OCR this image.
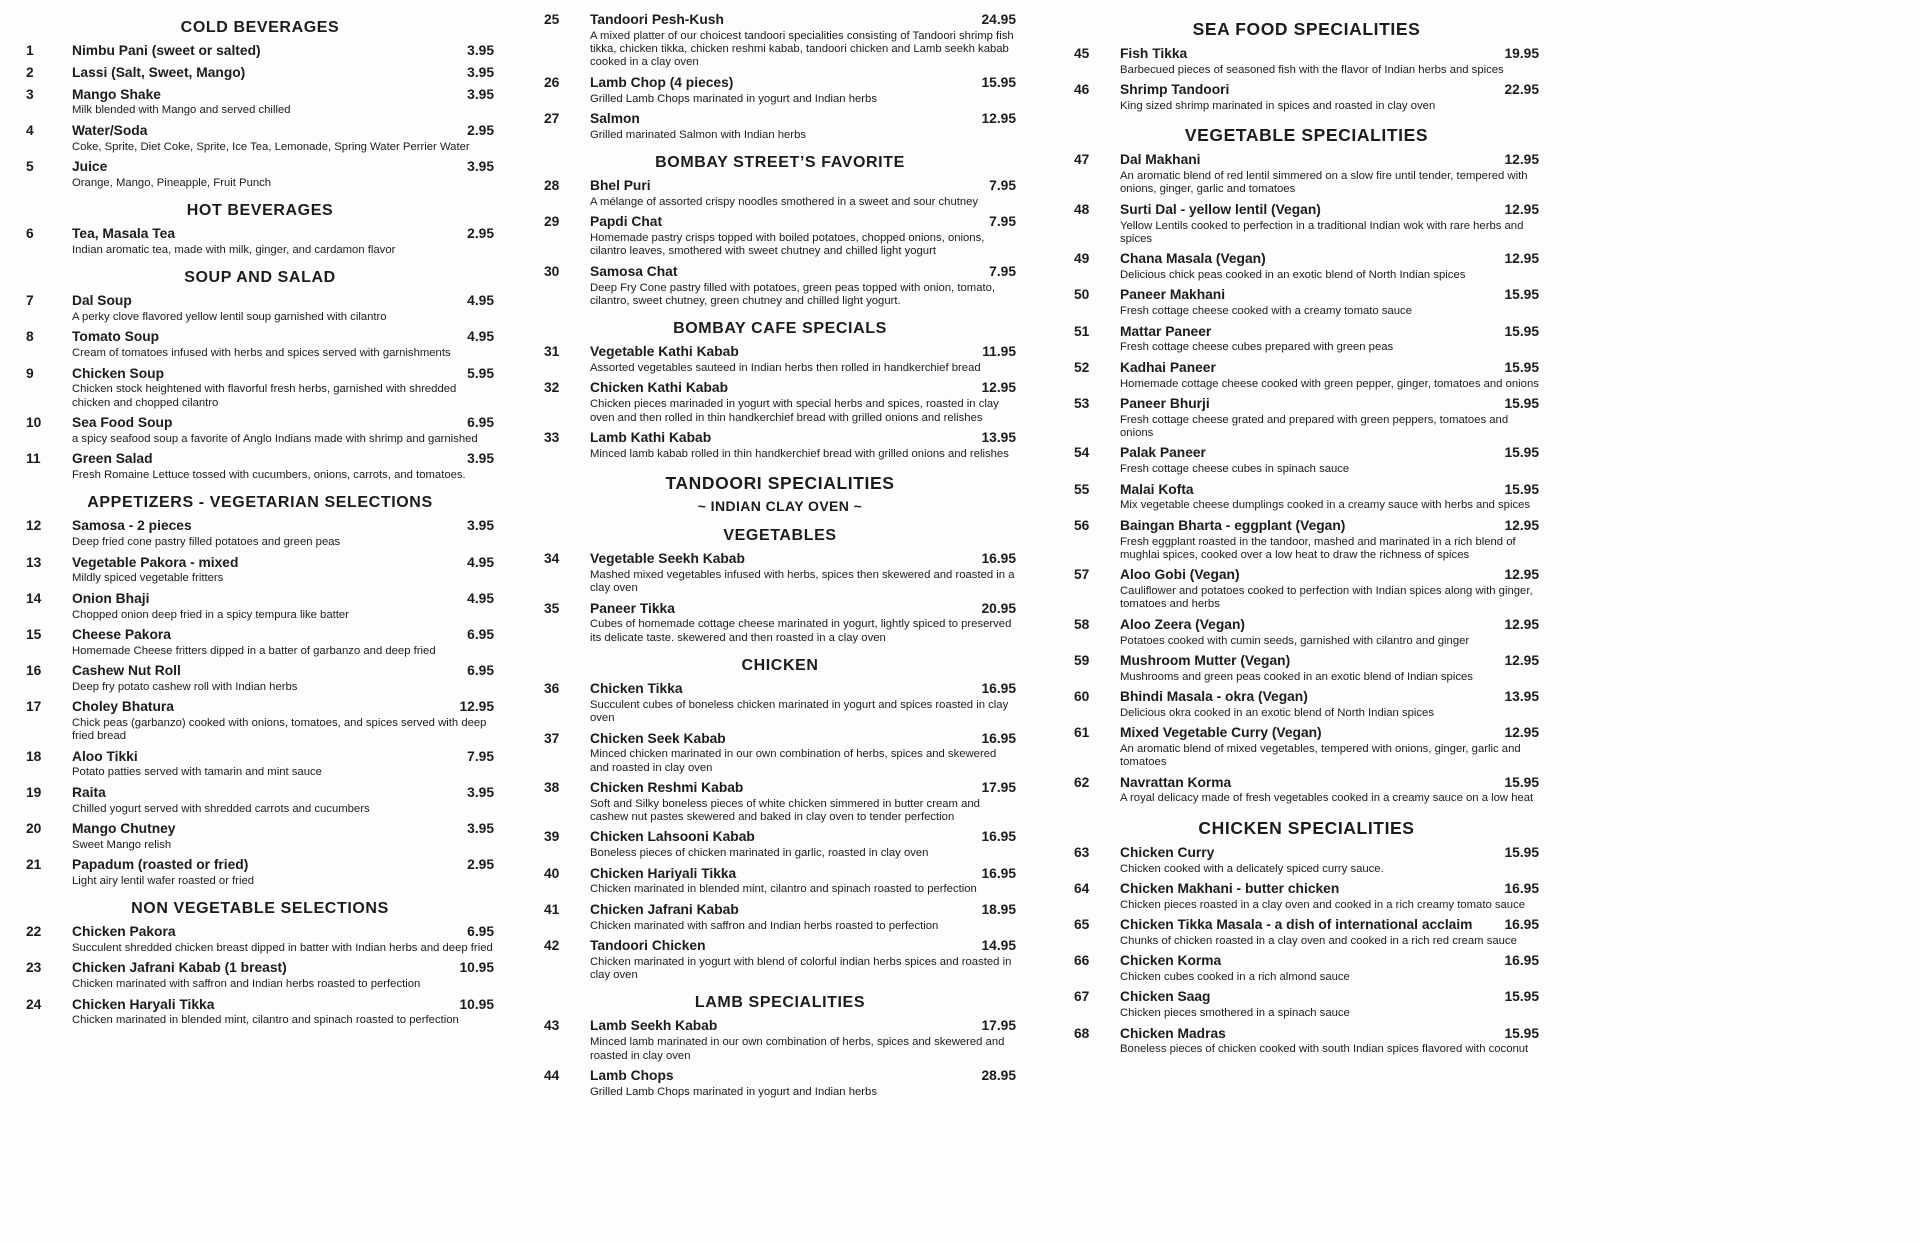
COLD BEVERAGES
1	Nimbu Pani (sweet or salted)	3.95
2	Lassi (Salt, Sweet, Mango)	3.95
3	Mango Shake	3.95
Milk blended with Mango and served chilled
4	Water/Soda	2.95
Coke, Sprite, Diet Coke, Sprite, Ice Tea, Lemonade, Spring Water Perrier Water
5	Juice	3.95
Orange, Mango, Pineapple, Fruit Punch
HOT BEVERAGES
6	Tea, Masala Tea	2.95
Indian aromatic tea, made with milk, ginger, and cardamon flavor
SOUP AND SALAD
7	Dal Soup	4.95
A perky clove flavored yellow lentil soup garnished with cilantro
8	Tomato Soup	4.95
Cream of tomatoes infused with herbs and spices served with garnishments
9	Chicken Soup	5.95
Chicken stock heightened with flavorful fresh herbs, garnished with shredded chicken and chopped cilantro
10	Sea Food Soup	6.95
a spicy seafood soup a favorite of Anglo Indians made with shrimp and garnished
11	Green Salad	3.95
Fresh Romaine Lettuce tossed with cucumbers, onions, carrots, and tomatoes.
APPETIZERS - VEGETARIAN SELECTIONS
12	Samosa - 2 pieces	3.95
Deep fried cone pastry filled potatoes and green peas
13	Vegetable Pakora - mixed	4.95
Mildly spiced vegetable fritters
14	Onion Bhaji	4.95
Chopped onion deep fried in a spicy tempura like batter
15	Cheese Pakora	6.95
Homemade Cheese fritters dipped in a batter of garbanzo and deep fried
16	Cashew Nut Roll	6.95
Deep fry potato cashew roll with Indian herbs
17	Choley Bhatura	12.95
Chick peas (garbanzo) cooked with onions, tomatoes, and spices served with deep fried bread
18	Aloo Tikki	7.95
Potato patties served with tamarin and mint sauce
19	Raita	3.95
Chilled yogurt served with shredded carrots and cucumbers
20	Mango Chutney	3.95
Sweet Mango relish
21	Papadum (roasted or fried)	2.95
Light airy lentil wafer roasted or fried
NON VEGETABLE SELECTIONS
22	Chicken Pakora	6.95
Succulent shredded chicken breast dipped in batter with Indian herbs and deep fried
23	Chicken Jafrani Kabab (1 breast)	10.95
Chicken marinated with saffron and Indian herbs roasted to perfection
24	Chicken Haryali Tikka	10.95
Chicken marinated in blended mint, cilantro and spinach roasted to perfection
25	Tandoori Pesh-Kush	24.95
A mixed platter of our choicest tandoori specialities consisting of Tandoori shrimp fish tikka, chicken tikka, chicken reshmi kabab, tandoori chicken and Lamb seekh kabab cooked in a clay oven
26	Lamb Chop (4 pieces)	15.95
Grilled Lamb Chops marinated in yogurt and Indian herbs
27	Salmon	12.95
Grilled marinated Salmon with Indian herbs
BOMBAY STREET’S FAVORITE
28	Bhel Puri	7.95
A mélange of assorted crispy noodles smothered in a sweet and sour chutney
29	Papdi Chat	7.95
Homemade pastry crisps topped with boiled potatoes, chopped onions, onions, cilantro leaves, smothered with sweet chutney and chilled light yogurt
30	Samosa Chat	7.95
Deep Fry Cone pastry filled with potatoes, green peas topped with onion, tomato, cilantro, sweet chutney, green chutney and chilled light yogurt.
BOMBAY CAFE SPECIALS
31	Vegetable Kathi Kabab	11.95
Assorted vegetables sauteed in Indian herbs then rolled in handkerchief bread
32	Chicken Kathi Kabab	12.95
Chicken pieces marinaded in yogurt with special herbs and spices, roasted in clay oven and then rolled in thin handkerchief bread with grilled onions and relishes
33	Lamb Kathi Kabab	13.95
Minced lamb kabab rolled in thin handkerchief bread with grilled onions and relishes
TANDOORI SPECIALITIES
~ INDIAN CLAY OVEN ~
VEGETABLES
34	Vegetable Seekh Kabab	16.95
Mashed mixed vegetables infused with herbs, spices then skewered and roasted in a clay oven
35	Paneer Tikka	20.95
Cubes of homemade cottage cheese marinated in yogurt, lightly spiced to preserved its delicate taste. skewered and then roasted in a clay oven
CHICKEN
36	Chicken Tikka	16.95
Succulent cubes of boneless chicken marinated in yogurt and spices roasted in clay oven
37	Chicken Seek Kabab	16.95
Minced chicken marinated in our own combination of herbs, spices and skewered and roasted in clay oven
38	Chicken Reshmi Kabab	17.95
Soft and Silky boneless pieces of white chicken simmered in butter cream and cashew nut pastes skewered and baked in clay oven to tender perfection
39	Chicken Lahsooni Kabab	16.95
Boneless pieces of chicken marinated in garlic, roasted in clay oven
40	Chicken Hariyali Tikka	16.95
Chicken marinated in blended mint, cilantro and spinach roasted to perfection
41	Chicken Jafrani Kabab	18.95
Chicken marinated with saffron and Indian herbs roasted to perfection
42	Tandoori Chicken	14.95
Chicken marinated in yogurt with blend of colorful indian herbs spices and roasted in clay oven
LAMB SPECIALITIES
43	Lamb Seekh Kabab	17.95
Minced lamb marinated in our own combination of herbs, spices and skewered and roasted in clay oven
44	Lamb Chops	28.95
Grilled Lamb Chops marinated in yogurt and Indian herbs
SEA FOOD SPECIALITIES
45	Fish Tikka	19.95
Barbecued pieces of seasoned fish with the flavor of Indian herbs and spices
46	Shrimp Tandoori	22.95
King sized shrimp marinated in spices and roasted in clay oven
VEGETABLE SPECIALITIES
47	Dal Makhani	12.95
An aromatic blend of red lentil simmered on a slow fire until tender, tempered with onions, ginger, garlic and tomatoes
48	Surti Dal - yellow lentil (Vegan)	12.95
Yellow Lentils cooked to perfection in a traditional Indian wok with rare herbs and spices
49	Chana Masala (Vegan)	12.95
Delicious chick peas cooked in an exotic blend of North Indian spices
50	Paneer Makhani	15.95
Fresh cottage cheese cooked with a creamy tomato sauce
51	Mattar Paneer	15.95
Fresh cottage cheese cubes prepared with green peas
52	Kadhai Paneer	15.95
Homemade cottage cheese cooked with green pepper, ginger, tomatoes and onions
53	Paneer Bhurji	15.95
Fresh cottage cheese grated and prepared with green peppers, tomatoes and onions
54	Palak Paneer	15.95
Fresh cottage cheese cubes in spinach sauce
55	Malai Kofta	15.95
Mix vegetable cheese dumplings cooked in a creamy sauce with herbs and spices
56	Baingan Bharta - eggplant (Vegan)	12.95
Fresh eggplant roasted in the tandoor, mashed and marinated in a rich blend of mughlai spices, cooked over a low heat to draw the richness of spices
57	Aloo Gobi (Vegan)	12.95
Cauliflower and potatoes cooked to perfection with Indian spices along with ginger, tomatoes and herbs
58	Aloo Zeera (Vegan)	12.95
Potatoes cooked with cumin seeds, garnished with cilantro and ginger
59	Mushroom Mutter (Vegan)	12.95
Mushrooms and green peas cooked in an exotic blend of Indian spices
60	Bhindi Masala - okra (Vegan)	13.95
Delicious okra cooked in an exotic blend of North Indian spices
61	Mixed Vegetable Curry (Vegan)	12.95
An aromatic blend of mixed vegetables, tempered with onions, ginger, garlic and tomatoes
62	Navrattan Korma	15.95
A royal delicacy made of fresh vegetables cooked in a creamy sauce on a low heat
CHICKEN SPECIALITIES
63	Chicken Curry	15.95
Chicken cooked with a delicately spiced curry sauce.
64	Chicken Makhani - butter chicken	16.95
Chicken pieces roasted in a clay oven and cooked in a rich creamy tomato sauce
65	Chicken Tikka Masala - a dish of international acclaim	16.95
Chunks of chicken roasted in a clay oven and cooked in a rich red cream sauce
66	Chicken Korma	16.95
Chicken cubes cooked in a rich almond sauce
67	Chicken Saag	15.95
Chicken pieces smothered in a spinach sauce
68	Chicken Madras	15.95
Boneless pieces of chicken cooked with south Indian spices flavored with coconut
